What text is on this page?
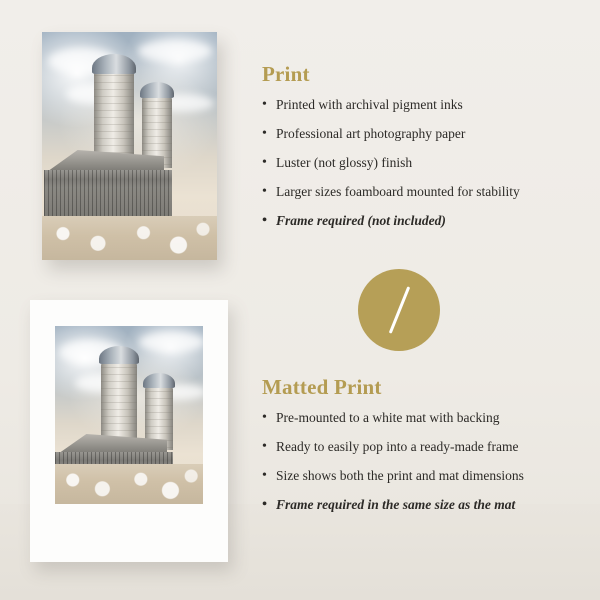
Print
• Printed with archival pigment inks
• Professional art photography paper
• Luster (not glossy) finish
• Larger sizes foamboard mounted for stability
• Frame required (not included)
Matted Print
• Pre-mounted to a white mat with backing
• Ready to easily pop into a ready-made frame
• Size shows both the print and mat dimensions
• Frame required in the same size as the mat
